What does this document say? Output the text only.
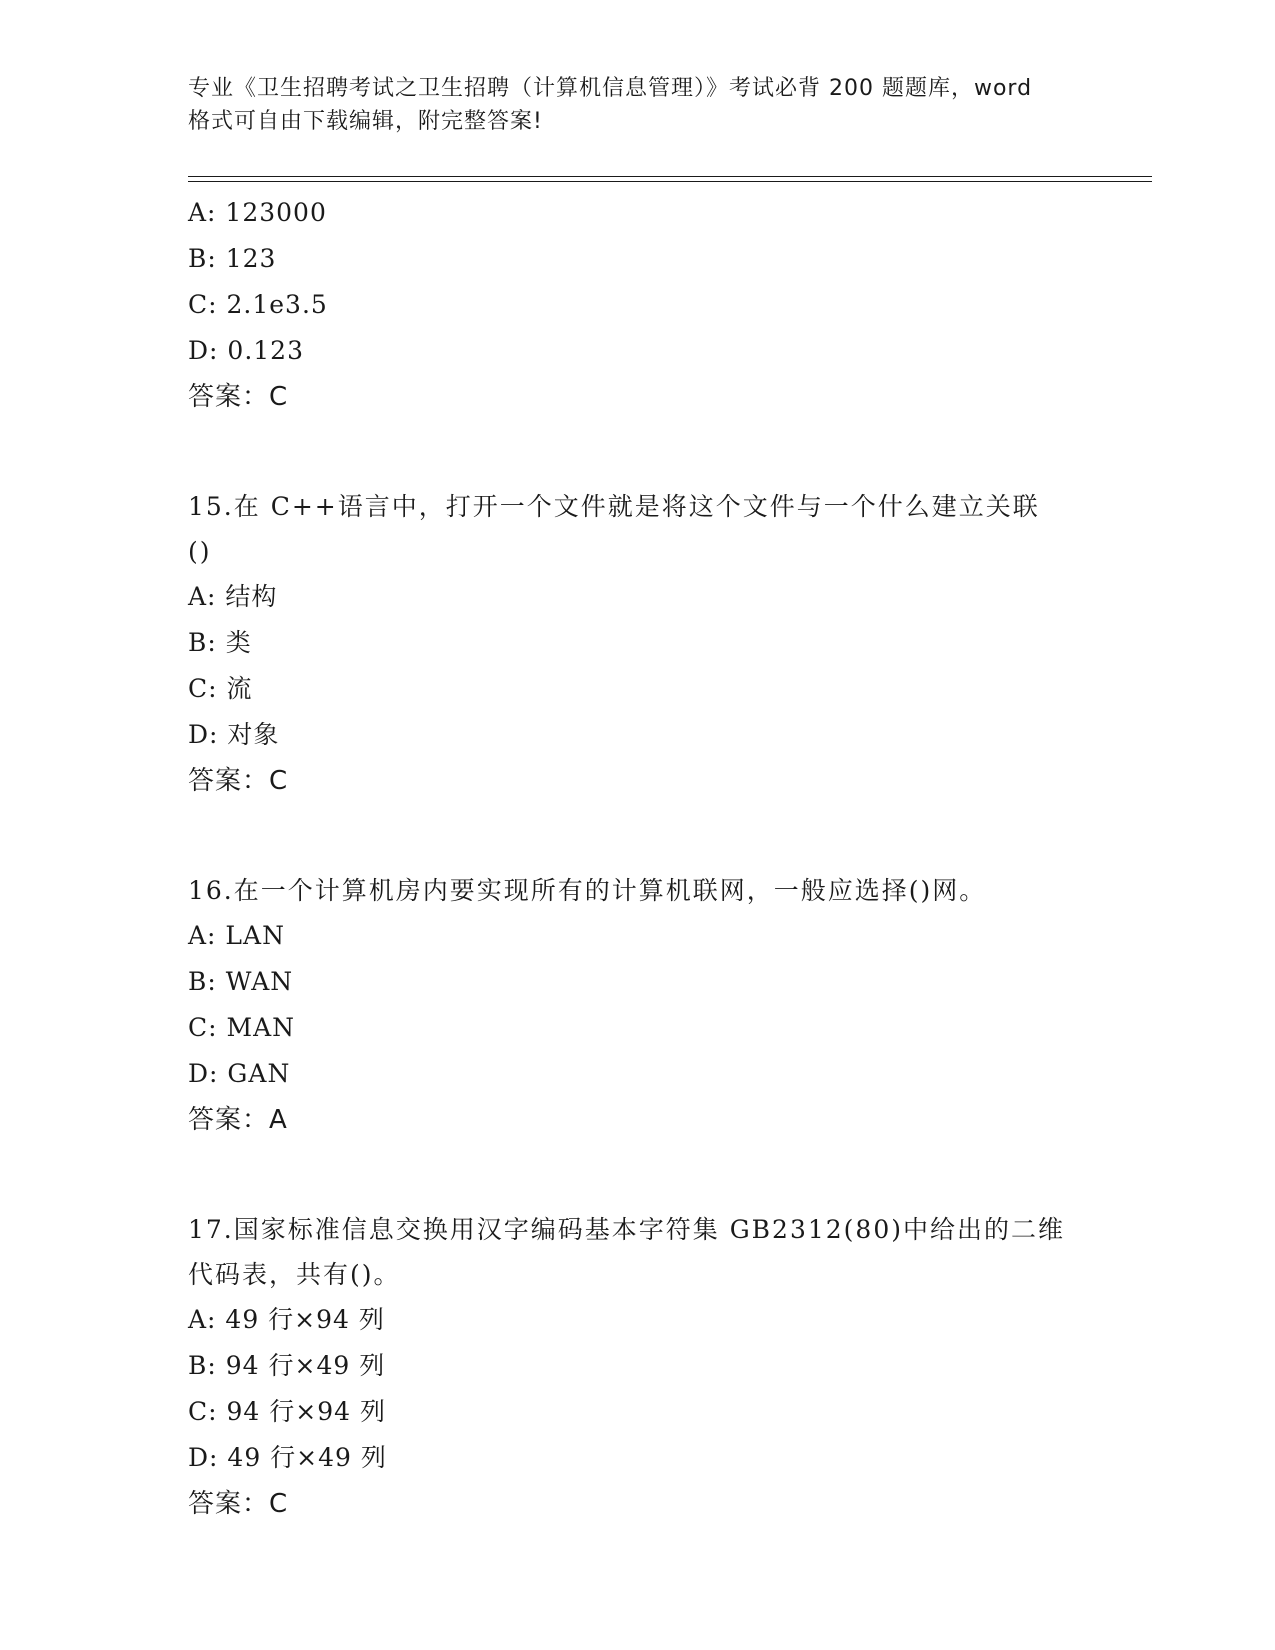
专业《卫生招聘考试之卫生招聘（计算机信息管理）》考试必背 200 题题库，word
格式可自由下载编辑，附完整答案!
A: 123000
B: 123
C: 2.1e3.5
D: 0.123
答案：C
15.在 C++语言中，打开一个文件就是将这个文件与一个什么建立关联
()
A: 结构
B: 类
C: 流
D: 对象
答案：C
16.在一个计算机房内要实现所有的计算机联网，一般应选择()网。
A: LAN
B: WAN
C: MAN
D: GAN
答案：A
17.国家标准信息交换用汉字编码基本字符集 GB2312(80)中给出的二维
代码表，共有()。
A: 49 行×94 列
B: 94 行×49 列
C: 94 行×94 列
D: 49 行×49 列
答案：C
